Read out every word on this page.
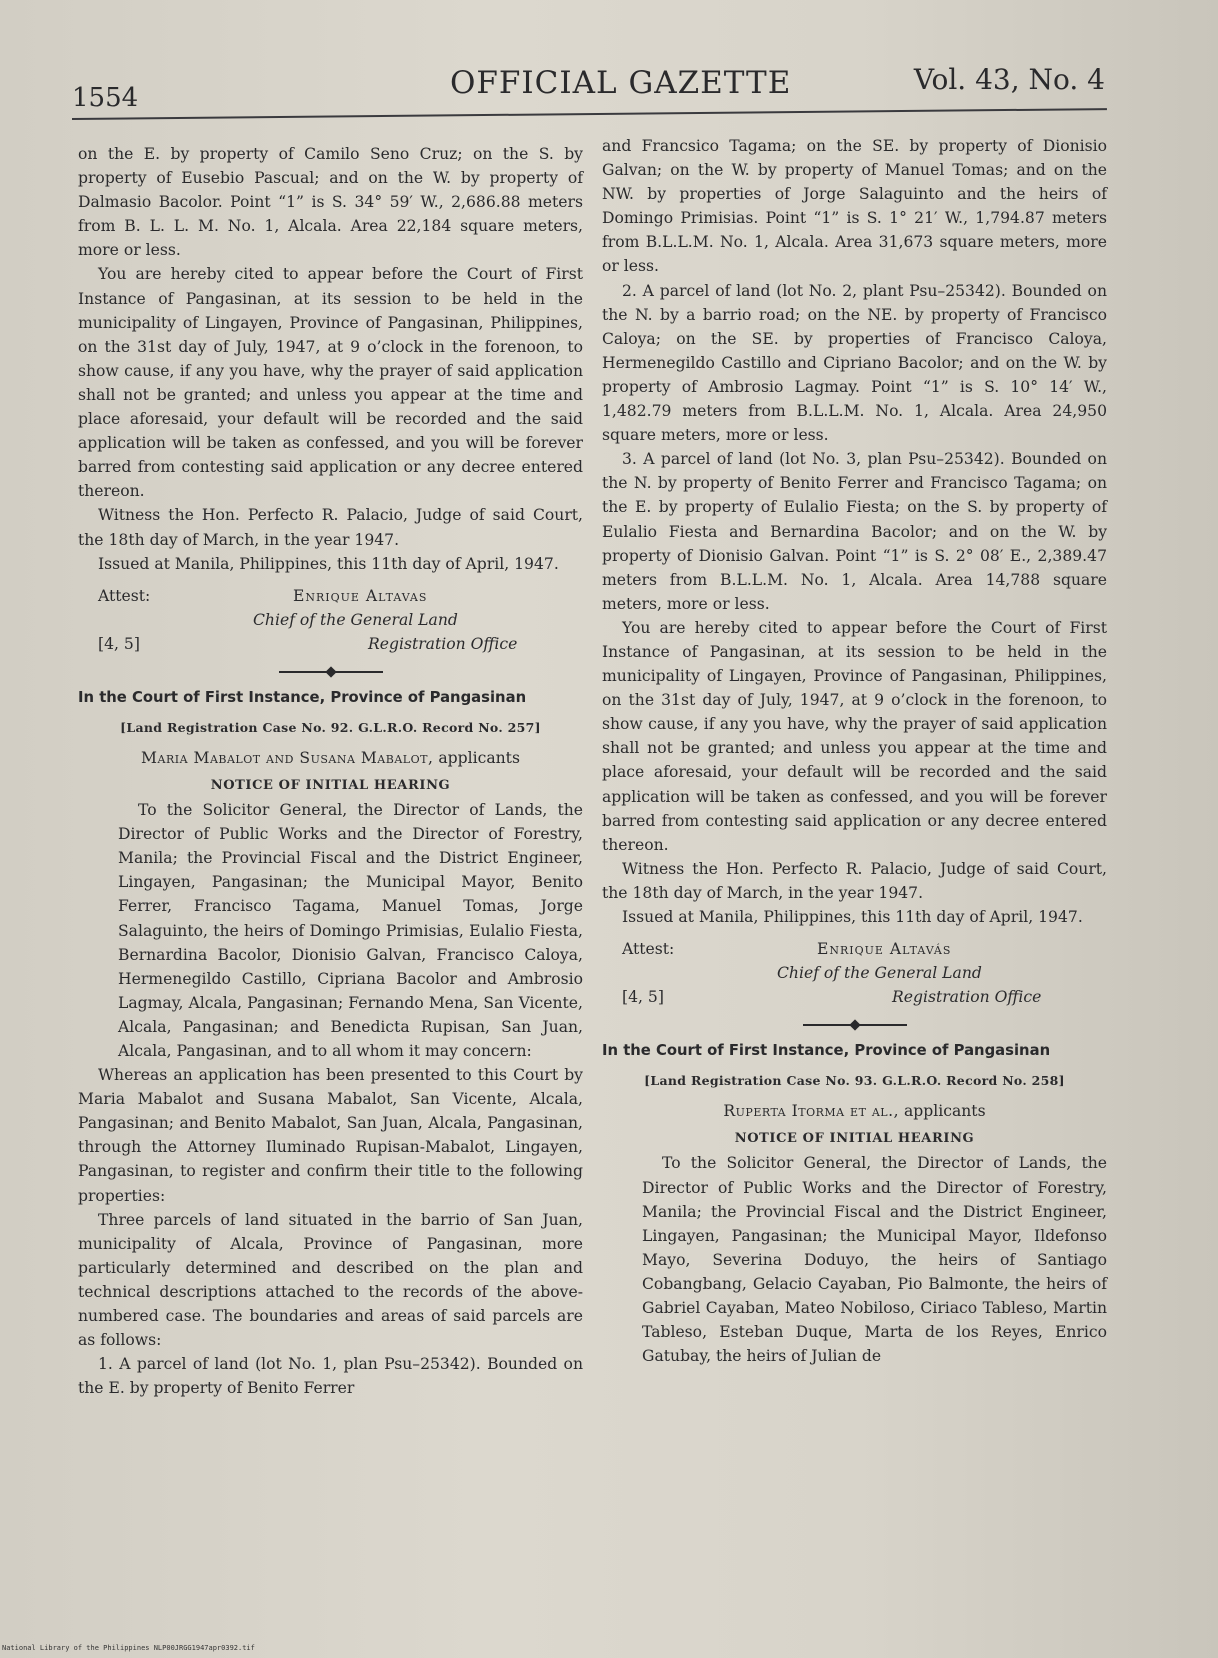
1554	OFFICIAL GAZETTE	Vol. 43, No. 4

on the E. by property of Camilo Seno Cruz; on the S. by property of Eusebio Pascual; and on the W. by property of Dalmasio Bacolor. Point “1” is S. 34° 59′ W., 2,686.88 meters from B. L. L. M. No. 1, Alcala. Area 22,184 square meters, more or less.

You are hereby cited to appear before the Court of First Instance of Pangasinan, at its session to be held in the municipality of Lingayen, Province of Pangasinan, Philippines, on the 31st day of July, 1947, at 9 o’clock in the forenoon, to show cause, if any you have, why the prayer of said application shall not be granted; and unless you appear at the time and place aforesaid, your default will be recorded and the said application will be taken as confessed, and you will be forever barred from contesting said application or any decree entered thereon.

Witness the Hon. Perfecto R. Palacio, Judge of said Court, the 18th day of March, in the year 1947.

Issued at Manila, Philippines, this 11th day of April, 1947.

Attest:	Enrique Altavas
Chief of the General Land
[4, 5]	Registration Office
In the Court of First Instance, Province of Pangasinan
[Land Registration Case No. 92. G.L.R.O. Record No. 257]
Maria Mabalot and Susana Mabalot, applicants
NOTICE OF INITIAL HEARING

To the Solicitor General, the Director of Lands, the Director of Public Works and the Director of Forestry, Manila; the Provincial Fiscal and the District Engineer, Lingayen, Pangasinan; the Municipal Mayor, Benito Ferrer, Francisco Tagama, Manuel Tomas, Jorge Salaguinto, the heirs of Domingo Primisias, Eulalio Fiesta, Bernardina Bacolor, Dionisio Galvan, Francisco Caloya, Hermenegildo Castillo, Cipriana Bacolor and Ambrosio Lagmay, Alcala, Pangasinan; Fernando Mena, San Vicente, Alcala, Pangasinan; and Benedicta Rupisan, San Juan, Alcala, Pangasinan, and to all whom it may concern:

Whereas an application has been presented to this Court by Maria Mabalot and Susana Mabalot, San Vicente, Alcala, Pangasinan; and Benito Mabalot, San Juan, Alcala, Pangasinan, through the Attorney Iluminado Rupisan-Mabalot, Lingayen, Pangasinan, to register and confirm their title to the following properties:

Three parcels of land situated in the barrio of San Juan, municipality of Alcala, Province of Pangasinan, more particularly determined and described on the plan and technical descriptions attached to the records of the above-numbered case. The boundaries and areas of said parcels are as follows:

1. A parcel of land (lot No. 1, plan Psu–25342). Bounded on the E. by property of Benito Ferrer

and Francsico Tagama; on the SE. by property of Dionisio Galvan; on the W. by property of Manuel Tomas; and on the NW. by properties of Jorge Salaguinto and the heirs of Domingo Primisias. Point “1” is S. 1° 21′ W., 1,794.87 meters from B.L.L.M. No. 1, Alcala. Area 31,673 square meters, more or less.

2. A parcel of land (lot No. 2, plant Psu–25342). Bounded on the N. by a barrio road; on the NE. by property of Francisco Caloya; on the SE. by properties of Francisco Caloya, Hermenegildo Castillo and Cipriano Bacolor; and on the W. by property of Ambrosio Lagmay. Point “1” is S. 10° 14′ W., 1,482.79 meters from B.L.L.M. No. 1, Alcala. Area 24,950 square meters, more or less.

3. A parcel of land (lot No. 3, plan Psu–25342). Bounded on the N. by property of Benito Ferrer and Francisco Tagama; on the E. by property of Eulalio Fiesta; on the S. by property of Eulalio Fiesta and Bernardina Bacolor; and on the W. by property of Dionisio Galvan. Point “1” is S. 2° 08′ E., 2,389.47 meters from B.L.L.M. No. 1, Alcala. Area 14,788 square meters, more or less.

You are hereby cited to appear before the Court of First Instance of Pangasinan, at its session to be held in the municipality of Lingayen, Province of Pangasinan, Philippines, on the 31st day of July, 1947, at 9 o’clock in the forenoon, to show cause, if any you have, why the prayer of said application shall not be granted; and unless you appear at the time and place aforesaid, your default will be recorded and the said application will be taken as confessed, and you will be forever barred from contesting said application or any decree entered thereon.

Witness the Hon. Perfecto R. Palacio, Judge of said Court, the 18th day of March, in the year 1947.

Issued at Manila, Philippines, this 11th day of April, 1947.

Attest:	Enrique Altavás
Chief of the General Land
[4, 5]	Registration Office
In the Court of First Instance, Province of Pangasinan
[Land Registration Case No. 93. G.L.R.O. Record No. 258]
Ruperta Itorma et al., applicants
NOTICE OF INITIAL HEARING

To the Solicitor General, the Director of Lands, the Director of Public Works and the Director of Forestry, Manila; the Provincial Fiscal and the District Engineer, Lingayen, Pangasinan; the Municipal Mayor, Ildefonso Mayo, Severina Doduyo, the heirs of Santiago Cobangbang, Gelacio Cayaban, Pio Balmonte, the heirs of Gabriel Cayaban, Mateo Nobiloso, Ciriaco Tableso, Martin Tableso, Esteban Duque, Marta de los Reyes, Enrico Gatubay, the heirs of Julian de

National Library of the Philippines NLP00JRGG1947apr0392.tif
